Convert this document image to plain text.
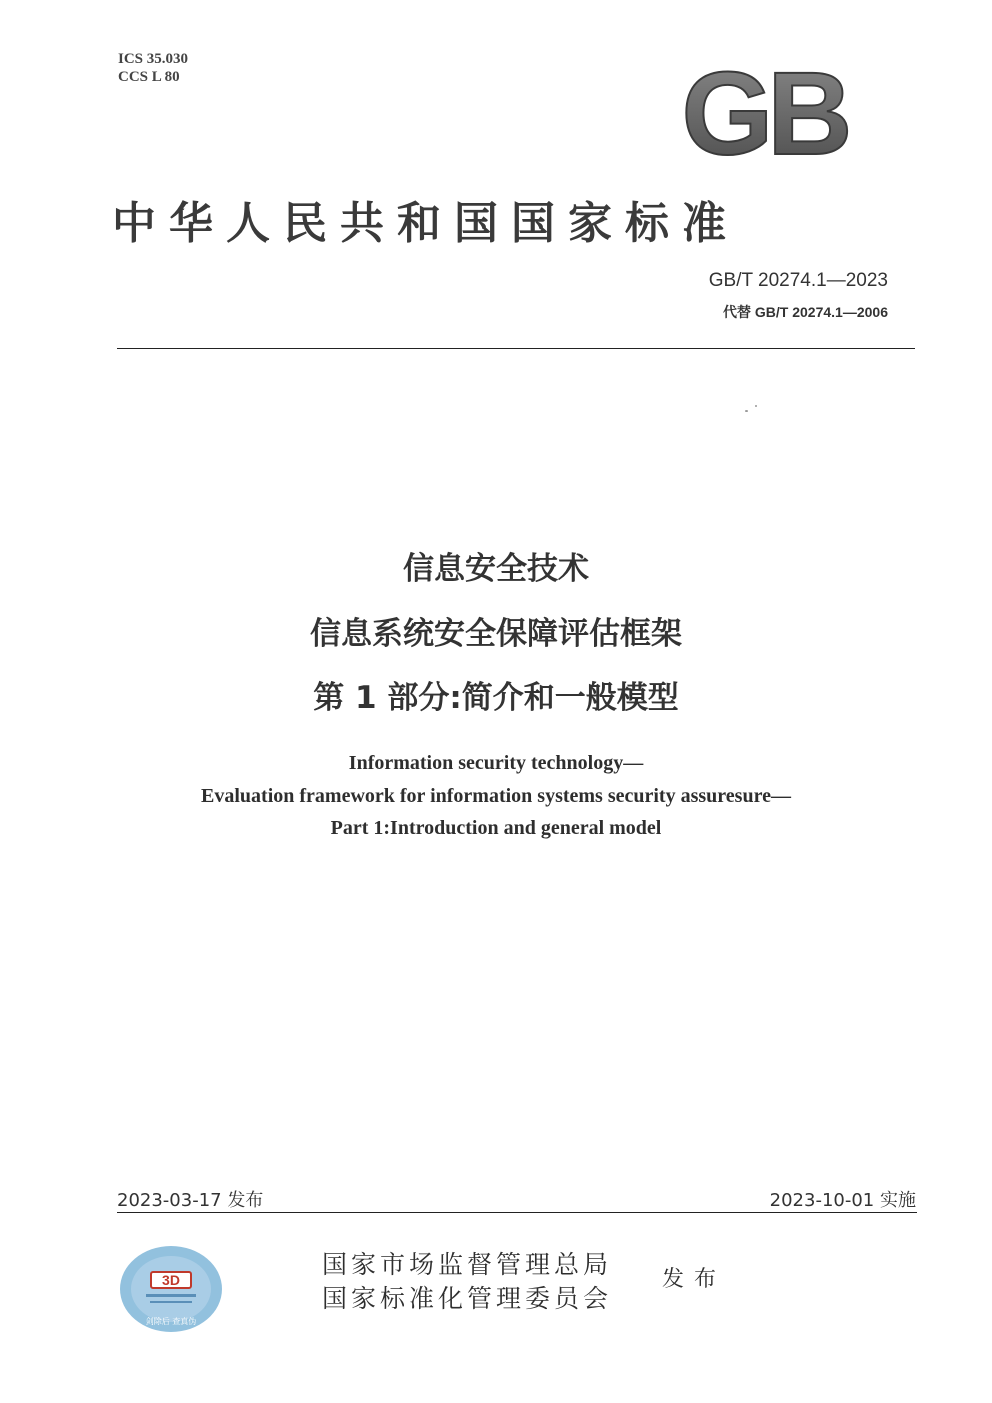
ICS 35.030
CCS L 80	GB
中华人民共和国国家标准
GB/T 20274.1—2023
代替 GB/T 20274.1—2006
信息安全技术
信息系统安全保障评估框架
第 1 部分:简介和一般模型
Information security technology—
Evaluation framework for information systems security assuresure—
Part 1:Introduction and general model
2023-03-17 发布	2023-10-01 实施
3D
剑除后 查真伪
国家市场监督管理总局
国家标准化管理委员会
发布
